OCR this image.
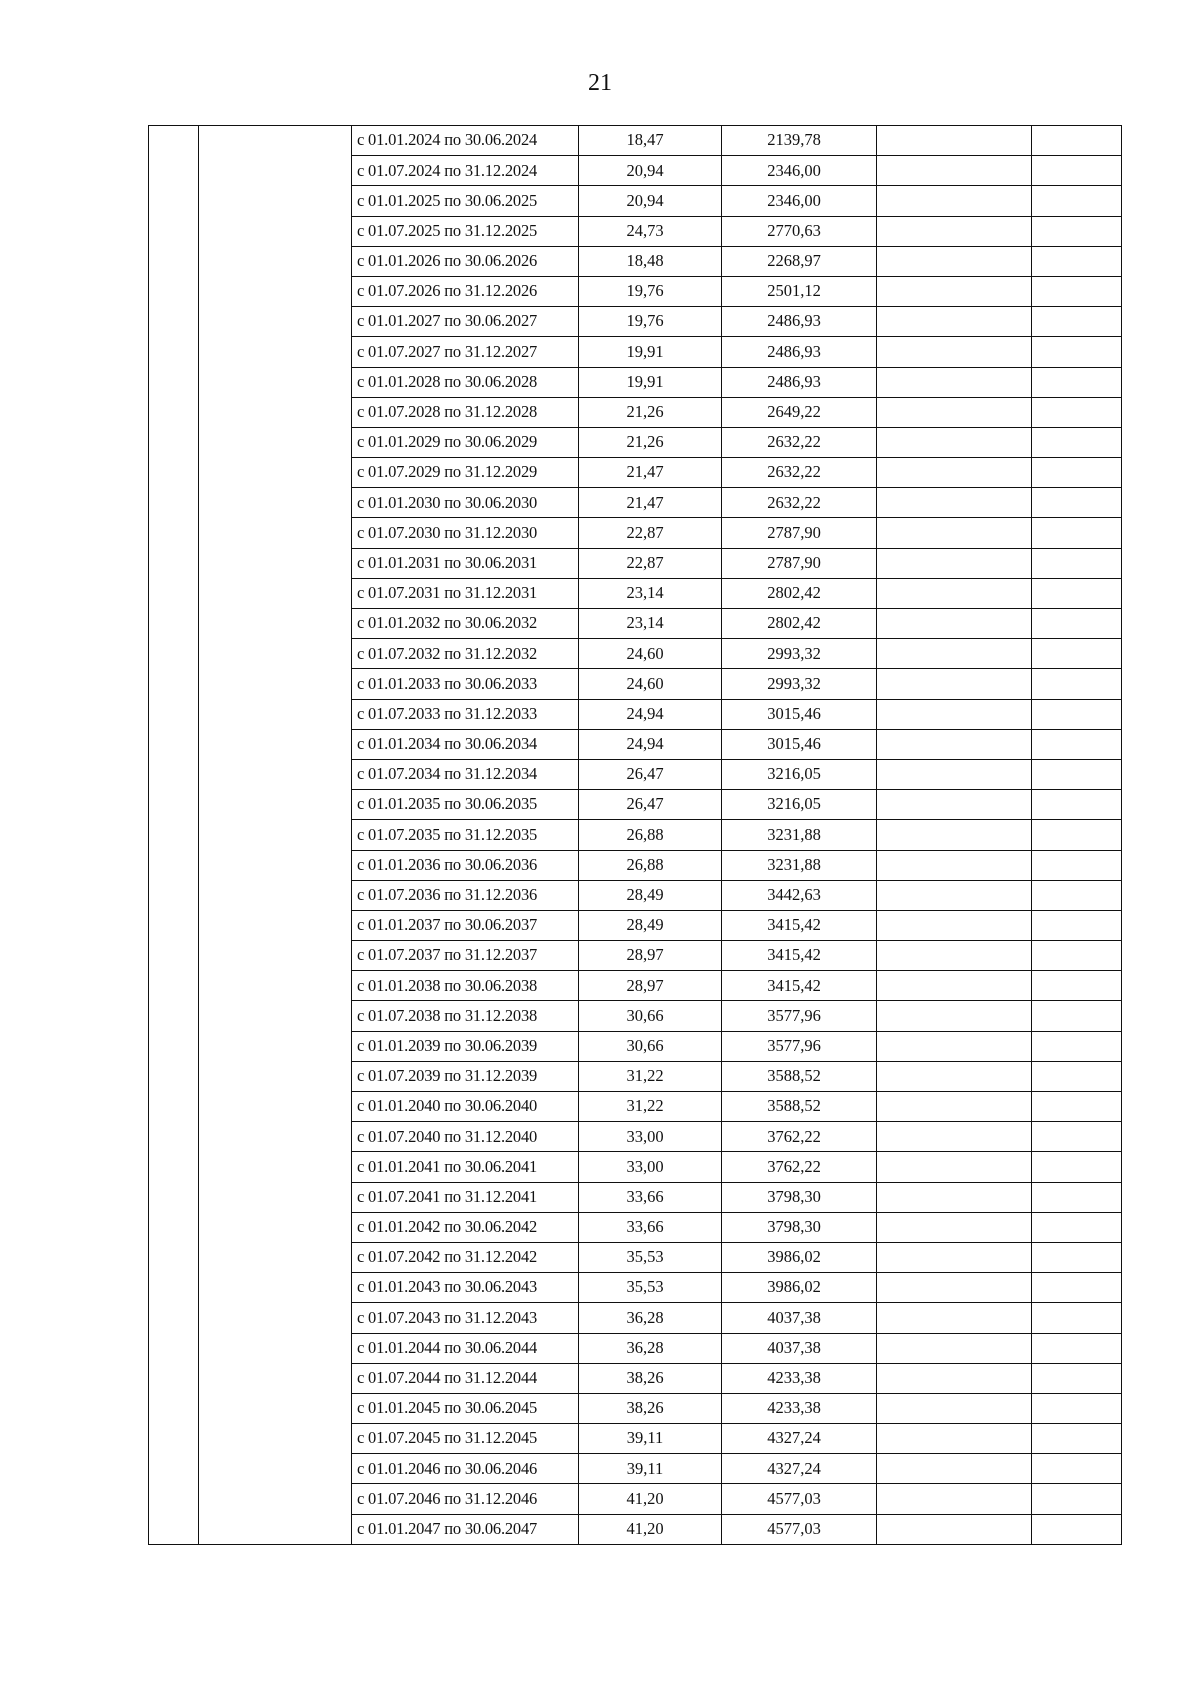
21
		с 01.01.2024 по 30.06.2024	18,47	2139,78		
		с 01.07.2024 по 31.12.2024	20,94	2346,00		
		с 01.01.2025 по 30.06.2025	20,94	2346,00		
		с 01.07.2025 по 31.12.2025	24,73	2770,63		
		с 01.01.2026 по 30.06.2026	18,48	2268,97		
		с 01.07.2026 по 31.12.2026	19,76	2501,12		
		с 01.01.2027 по 30.06.2027	19,76	2486,93		
		с 01.07.2027 по 31.12.2027	19,91	2486,93		
		с 01.01.2028 по 30.06.2028	19,91	2486,93		
		с 01.07.2028 по 31.12.2028	21,26	2649,22		
		с 01.01.2029 по 30.06.2029	21,26	2632,22		
		с 01.07.2029 по 31.12.2029	21,47	2632,22		
		с 01.01.2030 по 30.06.2030	21,47	2632,22		
		с 01.07.2030 по 31.12.2030	22,87	2787,90		
		с 01.01.2031 по 30.06.2031	22,87	2787,90		
		с 01.07.2031 по 31.12.2031	23,14	2802,42		
		с 01.01.2032 по 30.06.2032	23,14	2802,42		
		с 01.07.2032 по 31.12.2032	24,60	2993,32		
		с 01.01.2033 по 30.06.2033	24,60	2993,32		
		с 01.07.2033 по 31.12.2033	24,94	3015,46		
		с 01.01.2034 по 30.06.2034	24,94	3015,46		
		с 01.07.2034 по 31.12.2034	26,47	3216,05		
		с 01.01.2035 по 30.06.2035	26,47	3216,05		
		с 01.07.2035 по 31.12.2035	26,88	3231,88		
		с 01.01.2036 по 30.06.2036	26,88	3231,88		
		с 01.07.2036 по 31.12.2036	28,49	3442,63		
		с 01.01.2037 по 30.06.2037	28,49	3415,42		
		с 01.07.2037 по 31.12.2037	28,97	3415,42		
		с 01.01.2038 по 30.06.2038	28,97	3415,42		
		с 01.07.2038 по 31.12.2038	30,66	3577,96		
		с 01.01.2039 по 30.06.2039	30,66	3577,96		
		с 01.07.2039 по 31.12.2039	31,22	3588,52		
		с 01.01.2040 по 30.06.2040	31,22	3588,52		
		с 01.07.2040 по 31.12.2040	33,00	3762,22		
		с 01.01.2041 по 30.06.2041	33,00	3762,22		
		с 01.07.2041 по 31.12.2041	33,66	3798,30		
		с 01.01.2042 по 30.06.2042	33,66	3798,30		
		с 01.07.2042 по 31.12.2042	35,53	3986,02		
		с 01.01.2043 по 30.06.2043	35,53	3986,02		
		с 01.07.2043 по 31.12.2043	36,28	4037,38		
		с 01.01.2044 по 30.06.2044	36,28	4037,38		
		с 01.07.2044 по 31.12.2044	38,26	4233,38		
		с 01.01.2045 по 30.06.2045	38,26	4233,38		
		с 01.07.2045 по 31.12.2045	39,11	4327,24		
		с 01.01.2046 по 30.06.2046	39,11	4327,24		
		с 01.07.2046 по 31.12.2046	41,20	4577,03		
		с 01.01.2047 по 30.06.2047	41,20	4577,03		
